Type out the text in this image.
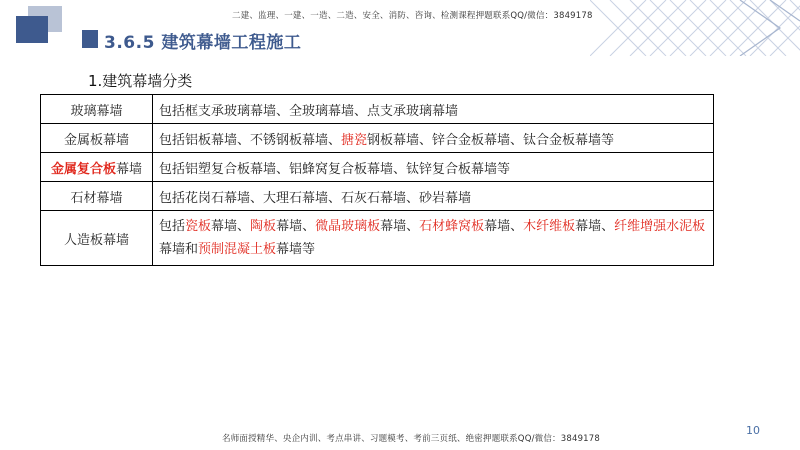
二建、监理、一建、一造、二造、安全、消防、咨询、检测课程押题联系QQ/微信：3849178
3.6.5 建筑幕墙工程施工
1.建筑幕墙分类
玻璃幕墙	包括框支承玻璃幕墙、全玻璃幕墙、点支承玻璃幕墙
金属板幕墙	包括铝板幕墙、不锈钢板幕墙、搪瓷钢板幕墙、锌合金板幕墙、钛合金板幕墙等
金属复合板幕墙	包括铝塑复合板幕墙、铝蜂窝复合板幕墙、钛锌复合板幕墙等
石材幕墙	包括花岗石幕墙、大理石幕墙、石灰石幕墙、砂岩幕墙
人造板幕墙	包括瓷板幕墙、陶板幕墙、微晶玻璃板幕墙、石材蜂窝板幕墙、木纤维板幕墙、纤维增强水泥板幕墙和预制混凝土板幕墙等
10
名师面授精华、央企内训、考点串讲、习题模考、考前三页纸、绝密押题联系QQ/微信：3849178
